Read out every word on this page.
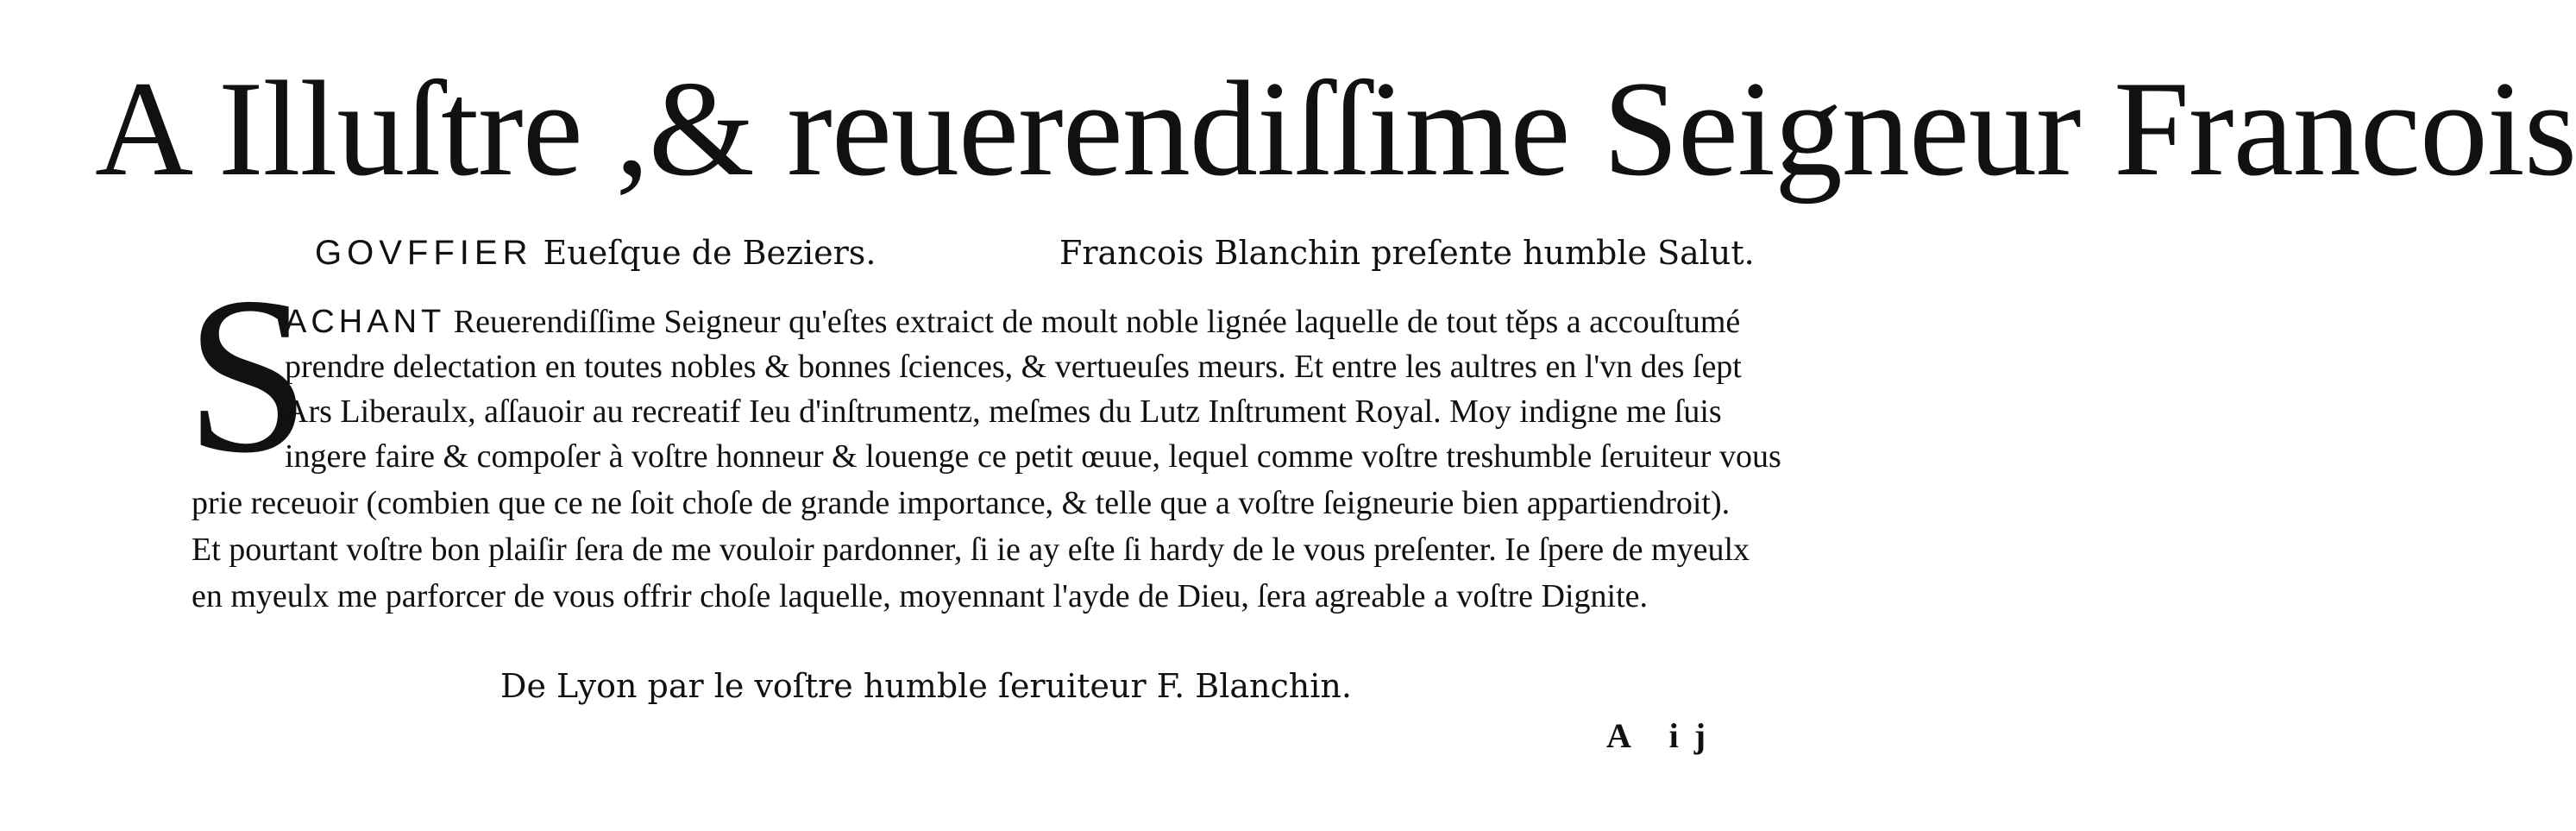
A Illuſtre ,& reuerendiſſime Seigneur Francois
GOVFFIER Eueſque de Beziers.	Francois Blanchin preſente humble Salut.
S
ACHANT Reuerendiſſime Seigneur qu'eſtes extraict de moult noble lignée laquelle de tout těps a accouſtumé
prendre delectation en toutes nobles & bonnes ſciences, & vertueuſes meurs. Et entre les aultres en l'vn des ſept
Ars Liberaulx, aſſauoir au recreatif Ieu d'inſtrumentz, meſmes du Lutz Inſtrument Royal. Moy indigne me ſuis
ingere faire & compoſer à voſtre honneur & louenge ce petit œuue, lequel comme voſtre treshumble ſeruiteur vous
prie receuoir (combien que ce ne ſoit choſe de grande importance, & telle que a voſtre ſeigneurie bien appartiendroit).
Et pourtant voſtre bon plaiſir ſera de me vouloir pardonner, ſi ie ay eſte ſi hardy de le vous preſenter. Ie ſpere de myeulx
en myeulx me parforcer de vous offrir choſe laquelle, moyennant l'ayde de Dieu, ſera agreable a voſtre Dignite.
De Lyon par le voſtre humble ſeruiteur F. Blanchin.
A ij
